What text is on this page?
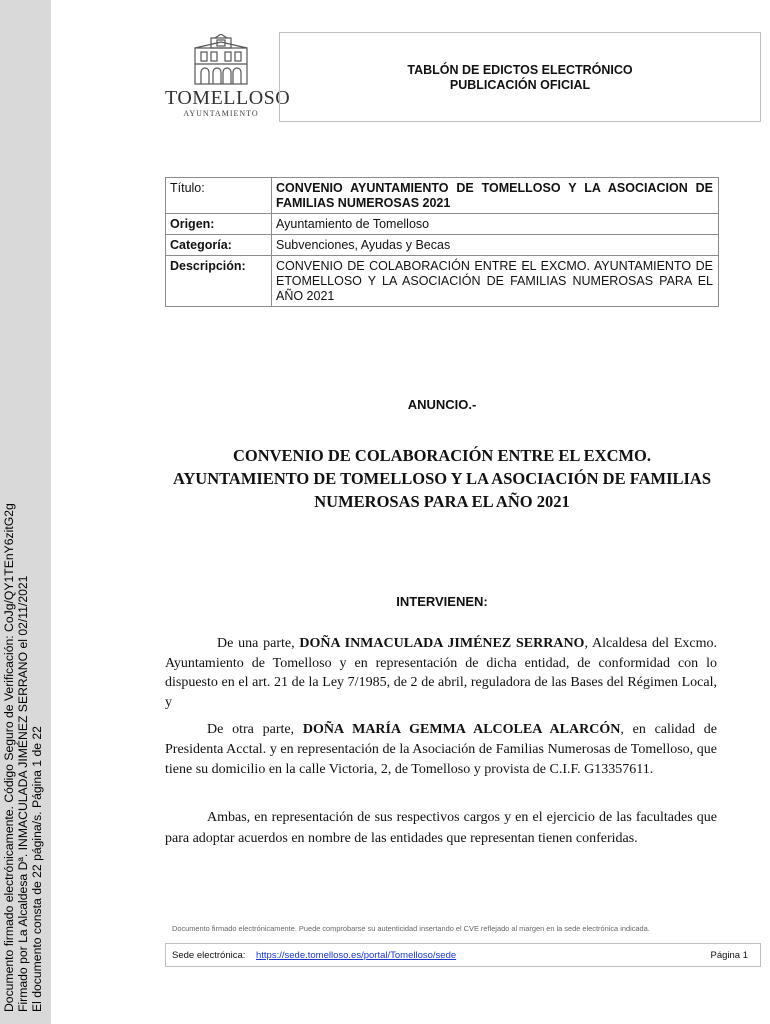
Documento firmado electrónicamente. Código Seguro de Verificación: CoJg/QY1TEnY6zitG2g Firmado por La Alcaldesa Dª. INMACULADA JIMÉNEZ SERRANO el 02/11/2021 El documento consta de 22 página/s. Página 1 de 22
TOMELLOSO
AYUNTAMIENTO
TABLÓN DE EDICTOS ELECTRÓNICO
PUBLICACIÓN OFICIAL
Título:	CONVENIO AYUNTAMIENTO DE TOMELLOSO Y LA ASOCIACION DE FAMILIAS NUMEROSAS 2021
Origen:	Ayuntamiento de Tomelloso
Categoría:	Subvenciones, Ayudas y Becas
Descripción:	CONVENIO DE COLABORACIÓN ENTRE EL EXCMO. AYUNTAMIENTO DE ETOMELLOSO Y LA ASOCIACIÓN DE FAMILIAS NUMEROSAS PARA EL AÑO 2021
ANUNCIO.-
CONVENIO DE COLABORACIÓN ENTRE EL EXCMO.
AYUNTAMIENTO DE TOMELLOSO Y LA ASOCIACIÓN DE FAMILIAS
NUMEROSAS PARA EL AÑO 2021
INTERVIENEN:
De una parte, DOÑA INMACULADA JIMÉNEZ SERRANO, Alcaldesa del Excmo. Ayuntamiento de Tomelloso y en representación de dicha entidad, de conformidad con lo dispuesto en el art. 21 de la Ley 7/1985, de 2 de abril, reguladora de las Bases del Régimen Local, y
De otra parte, DOÑA MARÍA GEMMA ALCOLEA ALARCÓN, en calidad de Presidenta Acctal. y en representación de la Asociación de Familias Numerosas de Tomelloso, que tiene su domicilio en la calle Victoria, 2, de Tomelloso y provista de C.I.F. G13357611.
Ambas, en representación de sus respectivos cargos y en el ejercicio de las facultades que para adoptar acuerdos en nombre de las entidades que representan tienen conferidas.
Documento firmado electrónicamente. Puede comprobarse su autenticidad insertando el CVE reflejado al margen en la sede electrónica indicada.
Sede electrónica: https://sede.tomelloso.es/portal/Tomelloso/sede	Página 1
